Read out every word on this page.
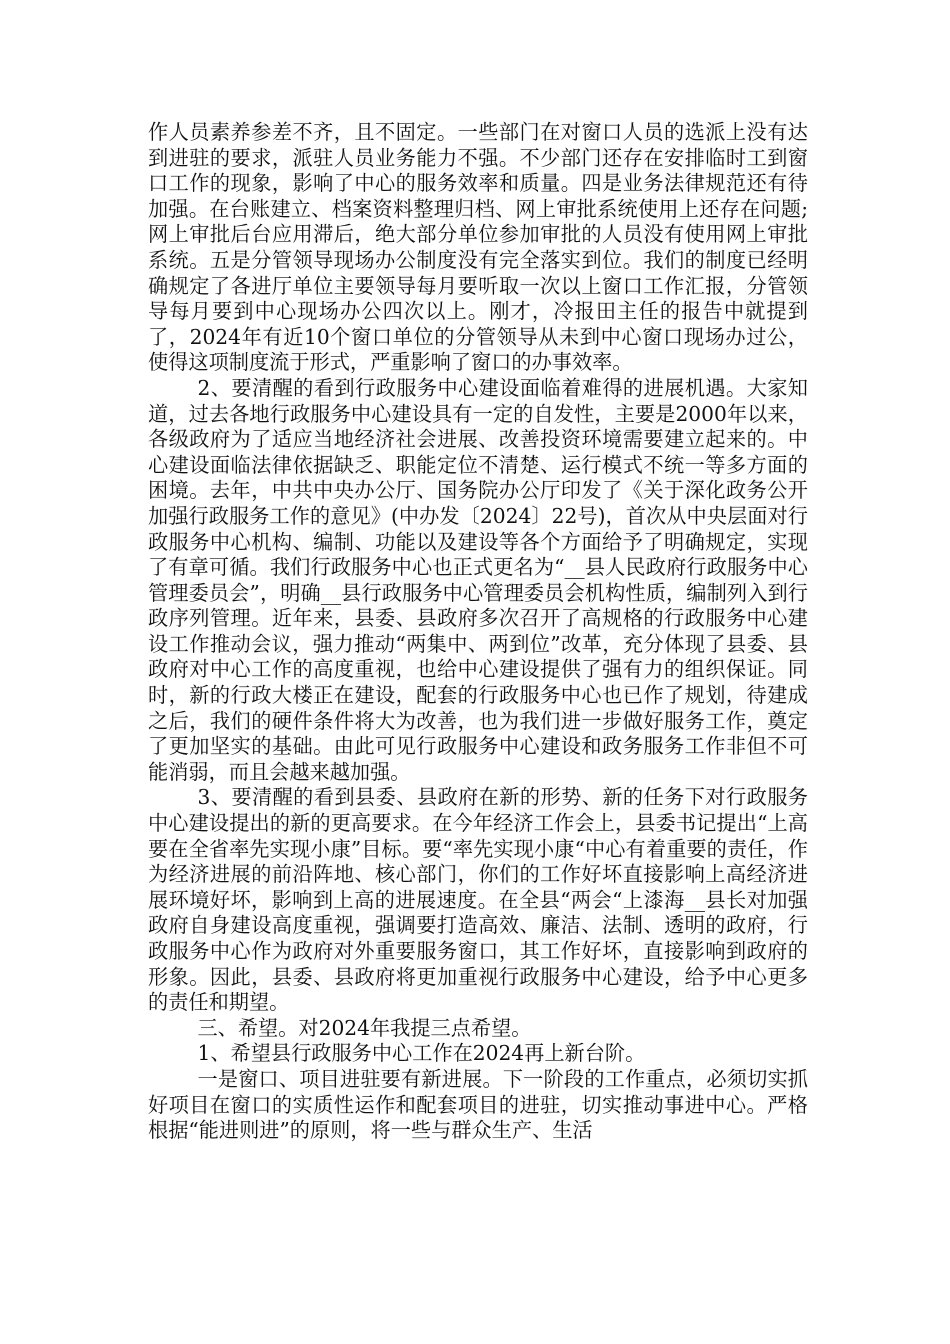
作人员素养参差不齐，且不固定。一些部门在对窗口人员的选派上没有达到进驻的要求，派驻人员业务能力不强。不少部门还存在安排临时工到窗口工作的现象，影响了中心的服务效率和质量。四是业务法律规范还有待加强。在台账建立、档案资料整理归档、网上审批系统使用上还存在问题;网上审批后台应用滞后，绝大部分单位参加审批的人员没有使用网上审批系统。五是分管领导现场办公制度没有完全落实到位。我们的制度已经明确规定了各进厅单位主要领导每月要听取一次以上窗口工作汇报，分管领导每月要到中心现场办公四次以上。刚才，冷报田主任的报告中就提到了，2024年有近10个窗口单位的分管领导从未到中心窗口现场办过公，使得这项制度流于形式，严重影响了窗口的办事效率。

2、要清醒的看到行政服务中心建设面临着难得的进展机遇。大家知道，过去各地行政服务中心建设具有一定的自发性，主要是2000年以来，各级政府为了适应当地经济社会进展、改善投资环境需要建立起来的。中心建设面临法律依据缺乏、职能定位不清楚、运行模式不统一等多方面的困境。去年，中共中央办公厅、国务院办公厅印发了《关于深化政务公开加强行政服务工作的意见》(中办发〔2024〕22号)，首次从中央层面对行政服务中心机构、编制、功能以及建设等各个方面给予了明确规定，实现了有章可循。我们行政服务中心也正式更名为“__县人民政府行政服务中心管理委员会”，明确__县行政服务中心管理委员会机构性质，编制列入到行政序列管理。近年来，县委、县政府多次召开了高规格的行政服务中心建设工作推动会议，强力推动“两集中、两到位”改革，充分体现了县委、县政府对中心工作的高度重视，也给中心建设提供了强有力的组织保证。同时，新的行政大楼正在建设，配套的行政服务中心也已作了规划，待建成之后，我们的硬件条件将大为改善，也为我们进一步做好服务工作，奠定了更加坚实的基础。由此可见行政服务中心建设和政务服务工作非但不可能消弱，而且会越来越加强。

3、要清醒的看到县委、县政府在新的形势、新的任务下对行政服务中心建设提出的新的更高要求。在今年经济工作会上，县委书记提出“上高要在全省率先实现小康”目标。要“率先实现小康“中心有着重要的责任，作为经济进展的前沿阵地、核心部门，你们的工作好坏直接影响上高经济进展环境好坏，影响到上高的进展速度。在全县“两会“上漆海__县长对加强政府自身建设高度重视，强调要打造高效、廉洁、法制、透明的政府，行政服务中心作为政府对外重要服务窗口，其工作好坏，直接影响到政府的形象。因此，县委、县政府将更加重视行政服务中心建设，给予中心更多的责任和期望。

三、希望。对2024年我提三点希望。

1、希望县行政服务中心工作在2024再上新台阶。

一是窗口、项目进驻要有新进展。下一阶段的工作重点，必须切实抓好项目在窗口的实质性运作和配套项目的进驻，切实推动事进中心。严格根据“能进则进”的原则，将一些与群众生产、生活
